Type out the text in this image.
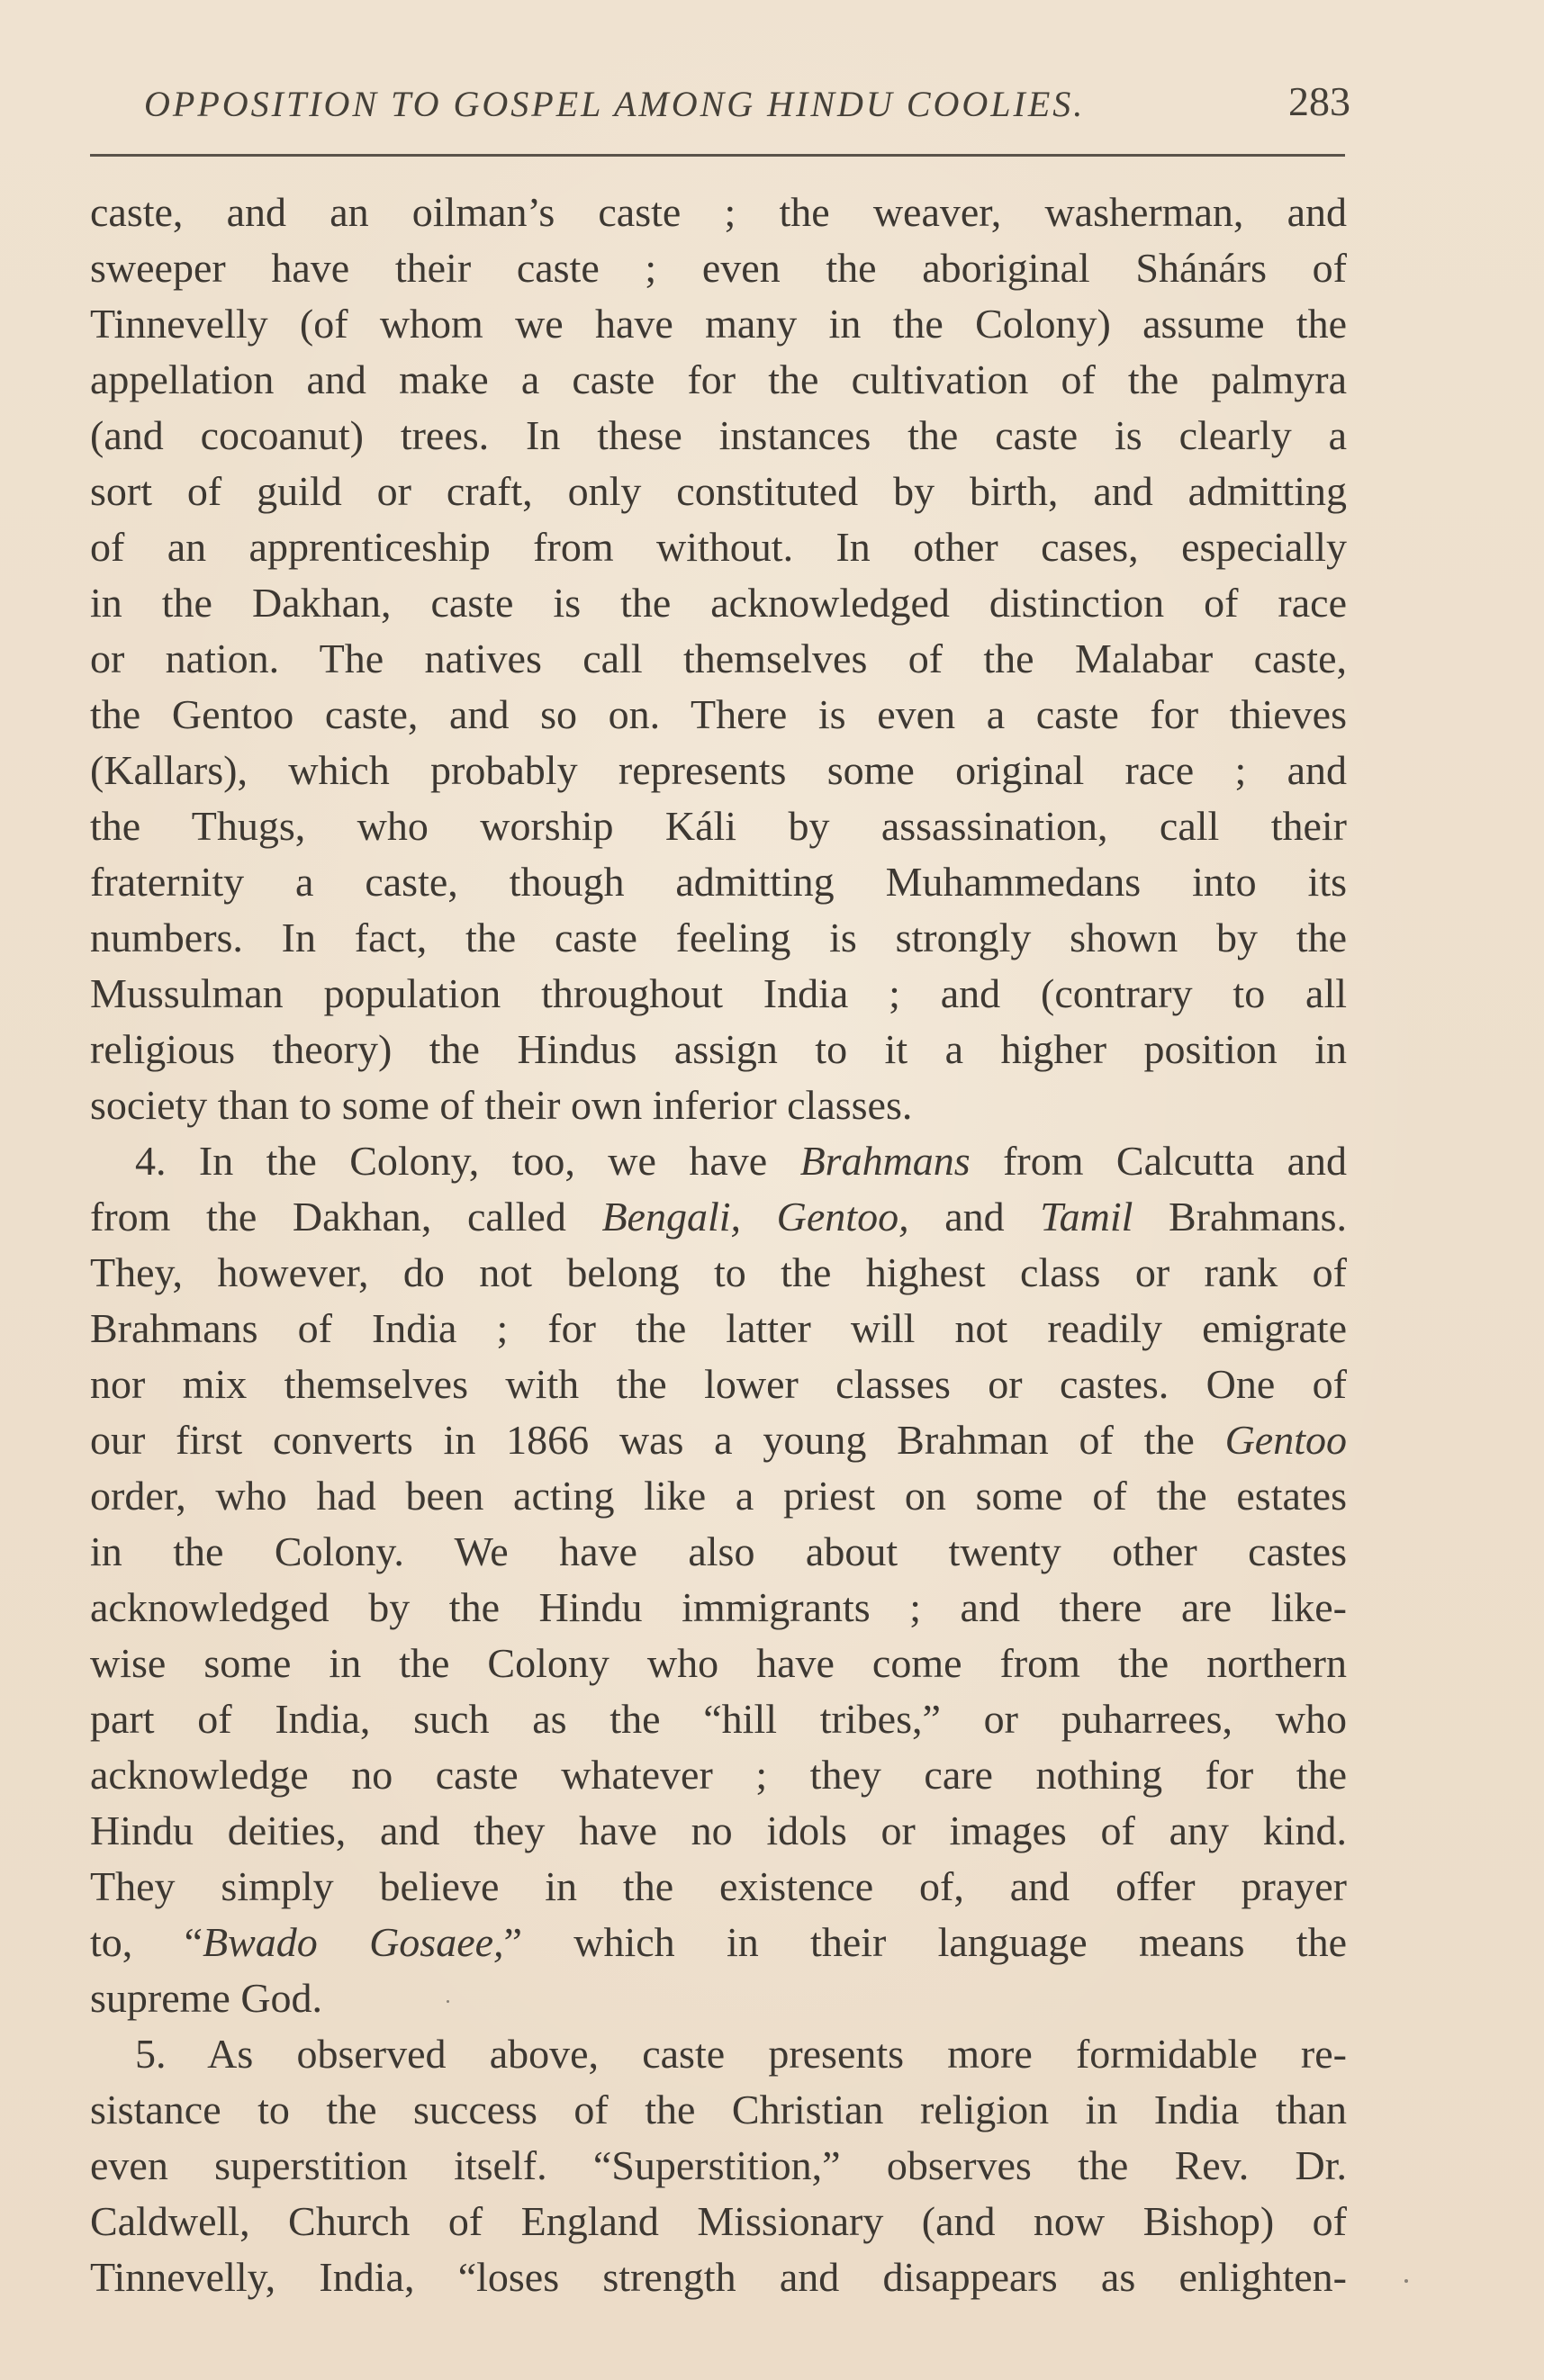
OPPOSITION TO GOSPEL AMONG HINDU COOLIES.	283
caste, and an oilman’s caste ; the weaver, washerman, and
sweeper have their caste ; even the aboriginal Shánárs of
Tinnevelly (of whom we have many in the Colony) assume the
appellation and make a caste for the cultivation of the palmyra
(and cocoanut) trees. In these instances the caste is clearly a
sort of guild or craft, only constituted by birth, and admitting
of an apprenticeship from without. In other cases, especially
in the Dakhan, caste is the acknowledged distinction of race
or nation. The natives call themselves of the Malabar caste,
the Gentoo caste, and so on. There is even a caste for thieves
(Kallars), which probably represents some original race ; and
the Thugs, who worship Káli by assassination, call their
fraternity a caste, though admitting Muhammedans into its
numbers. In fact, the caste feeling is strongly shown by the
Mussulman population throughout India ; and (contrary to all
religious theory) the Hindus assign to it a higher position in
society than to some of their own inferior classes.
4. In the Colony, too, we have Brahmans from Calcutta and
from the Dakhan, called Bengali, Gentoo, and Tamil Brahmans.
They, however, do not belong to the highest class or rank of
Brahmans of India ; for the latter will not readily emigrate
nor mix themselves with the lower classes or castes. One of
our first converts in 1866 was a young Brahman of the Gentoo
order, who had been acting like a priest on some of the estates
in the Colony. We have also about twenty other castes
acknowledged by the Hindu immigrants ; and there are like-
wise some in the Colony who have come from the northern
part of India, such as the “hill tribes,” or puharrees, who
acknowledge no caste whatever ; they care nothing for the
Hindu deities, and they have no idols or images of any kind.
They simply believe in the existence of, and offer prayer
to, “Bwado Gosaee,” which in their language means the
supreme God.
5. As observed above, caste presents more formidable re-
sistance to the success of the Christian religion in India than
even superstition itself. “Superstition,” observes the Rev. Dr.
Caldwell, Church of England Missionary (and now Bishop) of
Tinnevelly, India, “loses strength and disappears as enlighten-
